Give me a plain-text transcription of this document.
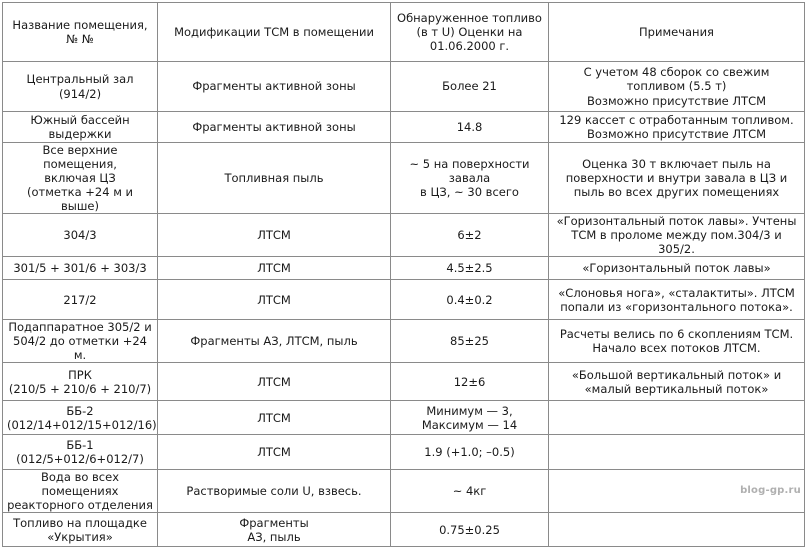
Название помещения, № №	Модификации ТСМ в помещении	Обнаруженное топливо (в т U) Оценки на 01.06.2000 г.	Примечания

Центральный зал (914/2)	Фрагменты активной зоны	Более 21	С учетом 48 сборок со свежим топливом (5.5 т)
Возможно присутствие ЛТСМ

Южный бассейн выдержки	Фрагменты активной зоны	14.8	129 кассет с отработанным топливом.
Возможно присутствие ЛТСМ

Все верхние помещения,
включая ЦЗ
(отметка +24 м и выше)	Топливная пыль	~ 5 на поверхности завала
в ЦЗ, ~ 30 всего	Оценка 30 т включает пыль на поверхности и внутри завала в ЦЗ и пыль во всех других помещениях

304/3	ЛТСМ	6±2	«Горизонтальный поток лавы». Учтены ТСМ в проломе между пом.304/3 и 305/2.

301/5 + 301/6 + 303/3	ЛТСМ	4.5±2.5	«Горизонтальный поток лавы»

217/2	ЛТСМ	0.4±0.2	«Слоновья нога», «сталактиты». ЛТСМ
попали из «горизонтального потока».

Подаппаратное 305/2 и
504/2 до отметки +24 м.	Фрагменты АЗ, ЛТСМ, пыль	85±25	Расчеты велись по 6 скоплениям ТСМ.
Начало всех потоков ЛТСМ.

ПРК
(210/5 + 210/6 + 210/7)	ЛТСМ	12±6	«Большой вертикальный поток» и «малый вертикальный поток»

ББ-2
(012/14+012/15+012/16)	ЛТСМ	Минимум — 3,
Максимум — 14	

ББ-1
(012/5+012/6+012/7)	ЛТСМ	1.9 (+1.0; –0.5)	

Вода во всех помещениях
реакторного отделения	Растворимые соли U, взвесь.	~ 4кг	

Топливо на площадке
«Укрытия»	Фрагменты
АЗ, пыль	0.75±0.25	

blog-gp.ru
